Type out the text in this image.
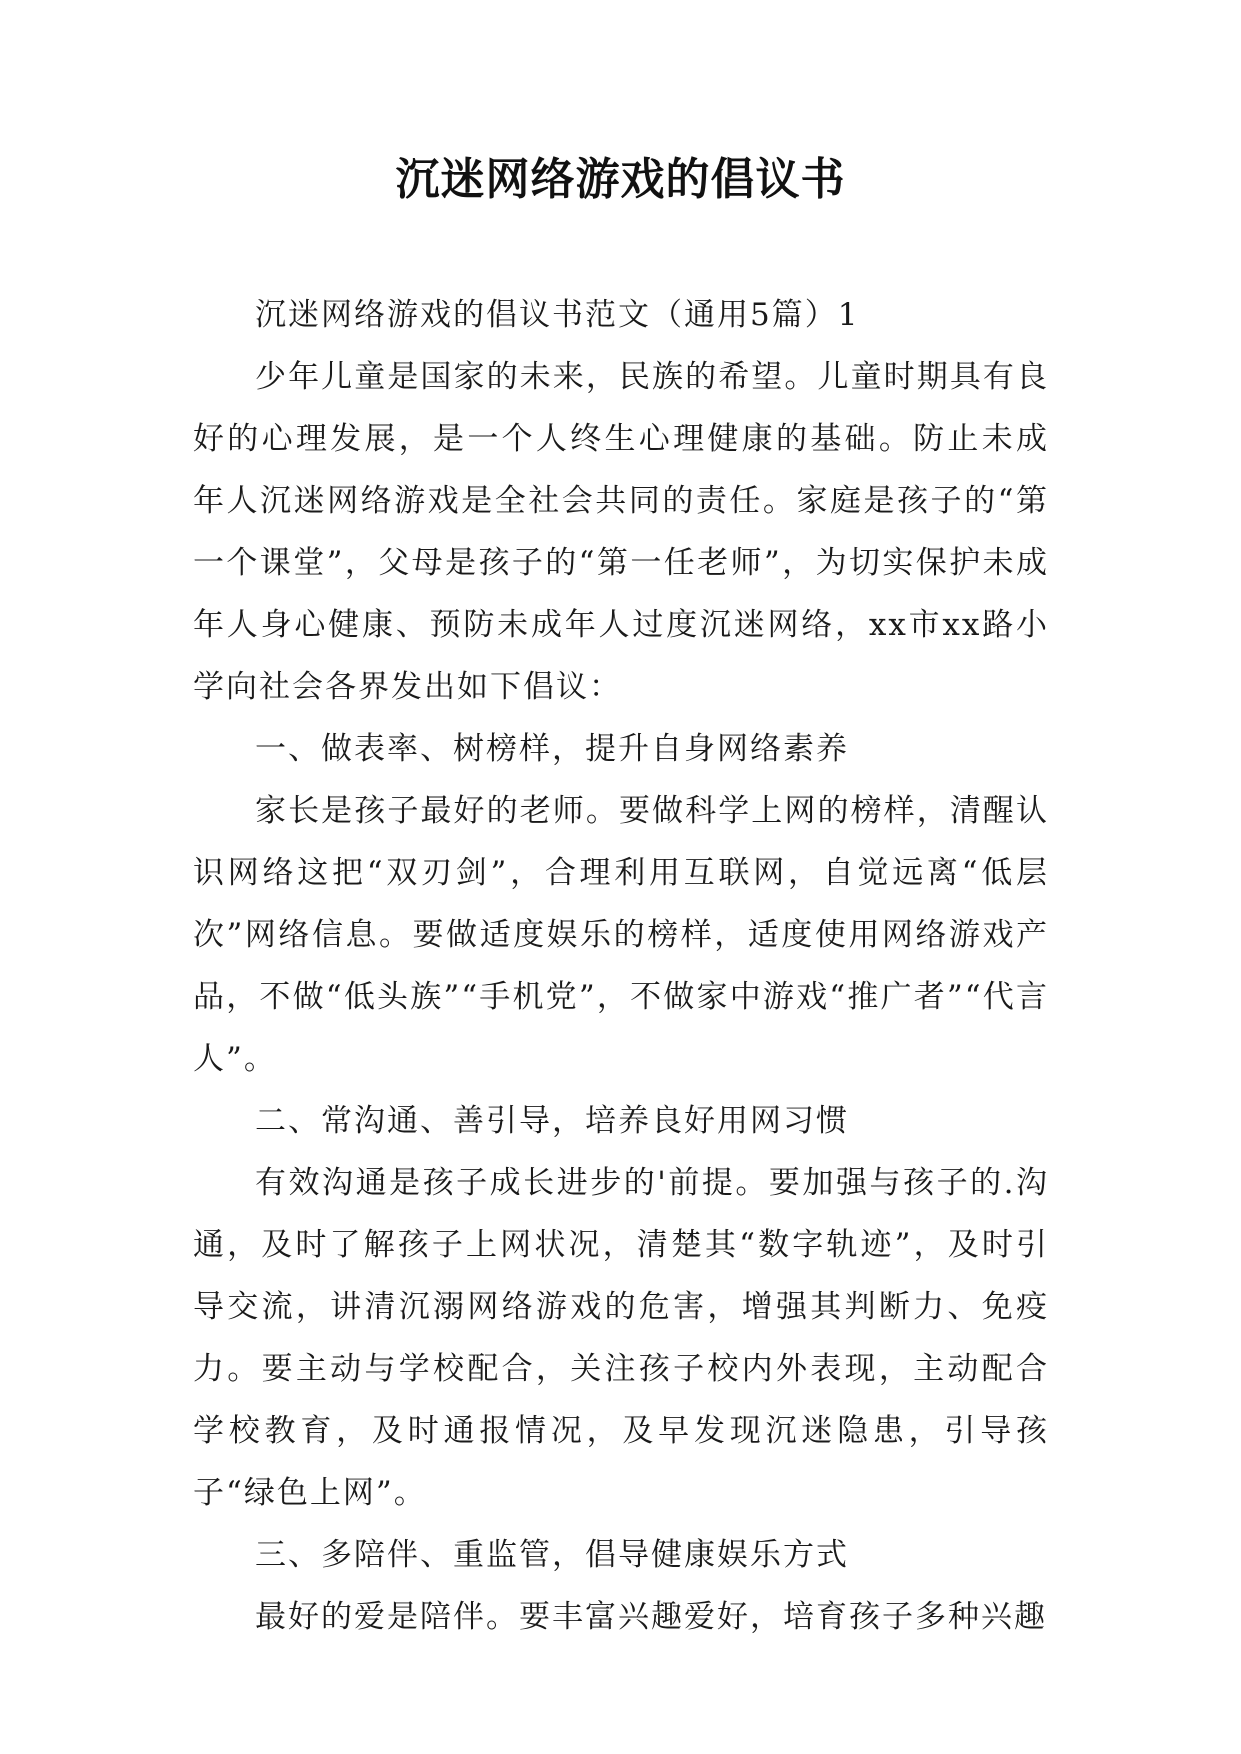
沉迷网络游戏的倡议书

沉迷网络游戏的倡议书范文（通用5篇）1

少年儿童是国家的未来，民族的希望。儿童时期具有良好的心理发展，是一个人终生心理健康的基础。防止未成年人沉迷网络游戏是全社会共同的责任。家庭是孩子的“第一个课堂”，父母是孩子的“第一任老师”，为切实保护未成年人身心健康、预防未成年人过度沉迷网络，xx市xx路小学向社会各界发出如下倡议：

一、做表率、树榜样，提升自身网络素养

家长是孩子最好的老师。要做科学上网的榜样，清醒认识网络这把“双刃剑”，合理利用互联网，自觉远离“低层次”网络信息。要做适度娱乐的榜样，适度使用网络游戏产品，不做“低头族”“手机党”，不做家中游戏“推广者”“代言人”。

二、常沟通、善引导，培养良好用网习惯

有效沟通是孩子成长进步的'前提。要加强与孩子的.沟通，及时了解孩子上网状况，清楚其“数字轨迹”，及时引导交流，讲清沉溺网络游戏的危害，增强其判断力、免疫力。要主动与学校配合，关注孩子校内外表现，主动配合学校教育，及时通报情况，及早发现沉迷隐患，引导孩子“绿色上网”。

三、多陪伴、重监管，倡导健康娱乐方式

最好的爱是陪伴。要丰富兴趣爱好，培育孩子多种兴趣
